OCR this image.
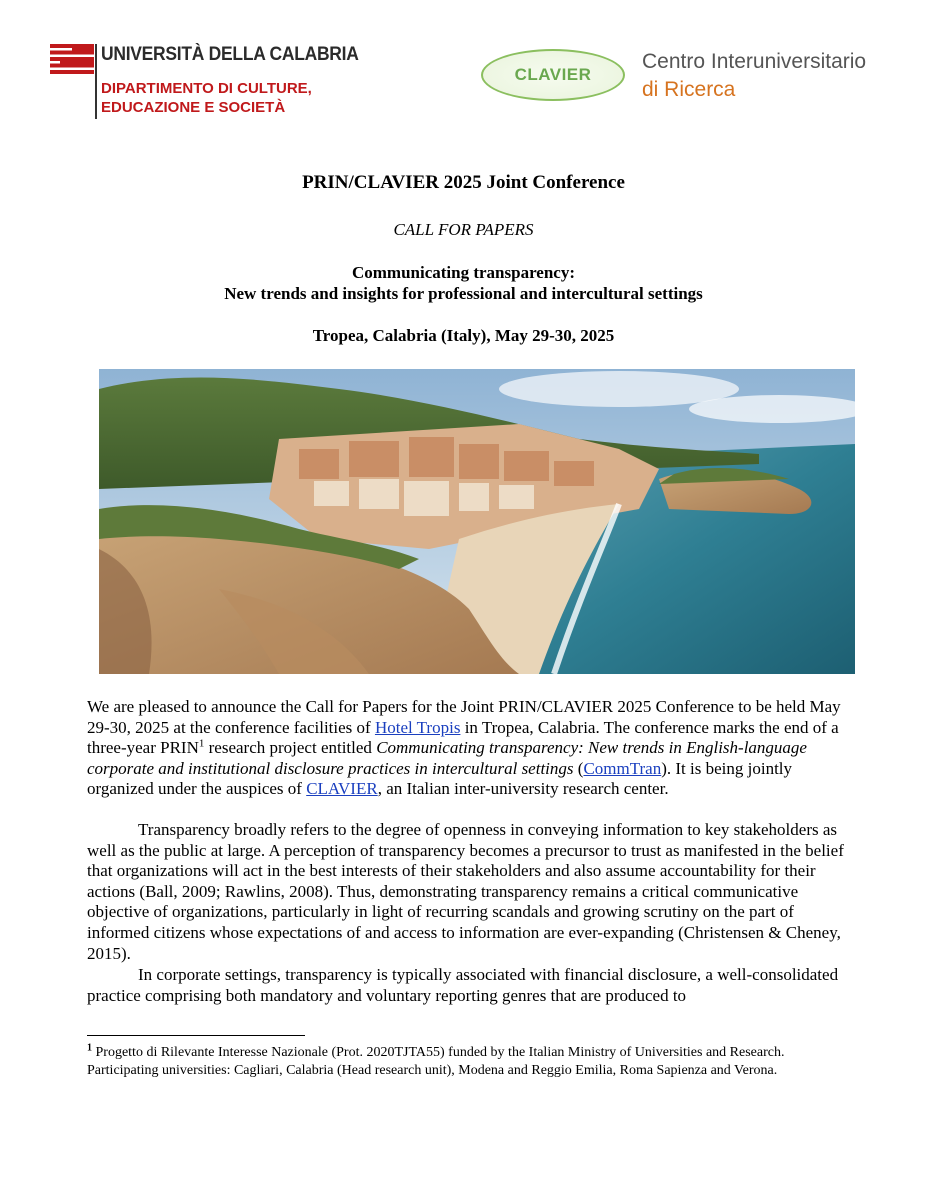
UNIVERSITÀ DELLA CALABRIA
DIPARTIMENTO DI CULTURE,
EDUCAZIONE E SOCIETÀ
CLAVIER
Centro Interuniversitario
di Ricerca
PRIN/CLAVIER 2025 Joint Conference
CALL FOR PAPERS
Communicating transparency:
New trends and insights for professional and intercultural settings
Tropea, Calabria (Italy), May 29-30, 2025
We are pleased to announce the Call for Papers for the Joint PRIN/CLAVIER 2025 Conference to be held May 29-30, 2025 at the conference facilities of Hotel Tropis in Tropea, Calabria. The conference marks the end of a three-year PRIN$^1$ research project entitled Communicating transparency: New trends in English-language corporate and institutional disclosure practices in intercultural settings (CommTran). It is being jointly organized under the auspices of CLAVIER, an Italian inter-university research center.
Transparency broadly refers to the degree of openness in conveying information to key stakeholders as well as the public at large. A perception of transparency becomes a precursor to trust as manifested in the belief that organizations will act in the best interests of their stakeholders and also assume accountability for their actions (Ball, 2009; Rawlins, 2008). Thus, demonstrating transparency remains a critical communicative objective of organizations, particularly in light of recurring scandals and growing scrutiny on the part of informed citizens whose expectations of and access to information are ever-expanding (Christensen & Cheney, 2015).
In corporate settings, transparency is typically associated with financial disclosure, a well-consolidated practice comprising both mandatory and voluntary reporting genres that are produced to
$^1$ Progetto di Rilevante Interesse Nazionale (Prot. 2020TJTA55) funded by the Italian Ministry of Universities and Research. Participating universities: Cagliari, Calabria (Head research unit), Modena and Reggio Emilia, Roma Sapienza and Verona.
